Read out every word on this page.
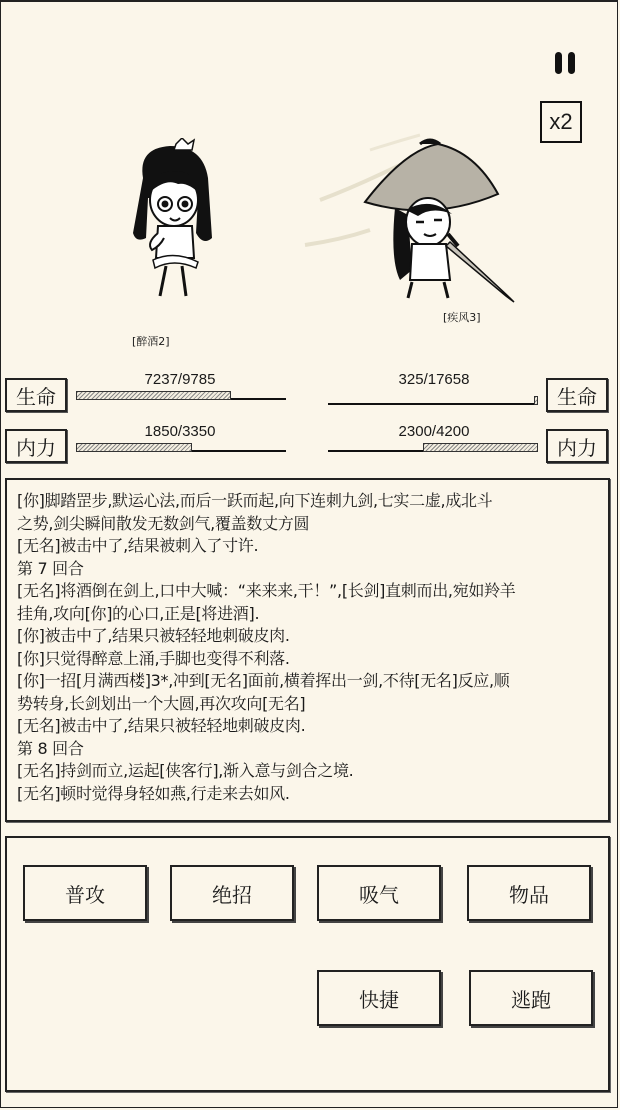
x2
[醉酒2]
[疾风3]
生命
7237/9785
内力
1850/3350
生命
325/17658
内力
2300/4200
[你]脚踏罡步,默运心法,而后一跃而起,向下连刺九剑,七实二虚,成北斗
之势,剑尖瞬间散发无数剑气,覆盖数丈方圆
[无名]被击中了,结果被刺入了寸许.
第 7 回合
[无名]将酒倒在剑上,口中大喊：“来来来,干！”,[长剑]直刺而出,宛如羚羊
挂角,攻向[你]的心口,正是[将进酒].
[你]被击中了,结果只被轻轻地刺破皮肉.
[你]只觉得醉意上涌,手脚也变得不利落.
[你]一招[月满西楼]3*,冲到[无名]面前,横着挥出一剑,不待[无名]反应,顺
势转身,长剑划出一个大圆,再次攻向[无名]
[无名]被击中了,结果只被轻轻地刺破皮肉.
第 8 回合
[无名]持剑而立,运起[侠客行],渐入意与剑合之境.
[无名]顿时觉得身轻如燕,行走来去如风.
普攻	绝招	吸气	物品
快捷	逃跑
